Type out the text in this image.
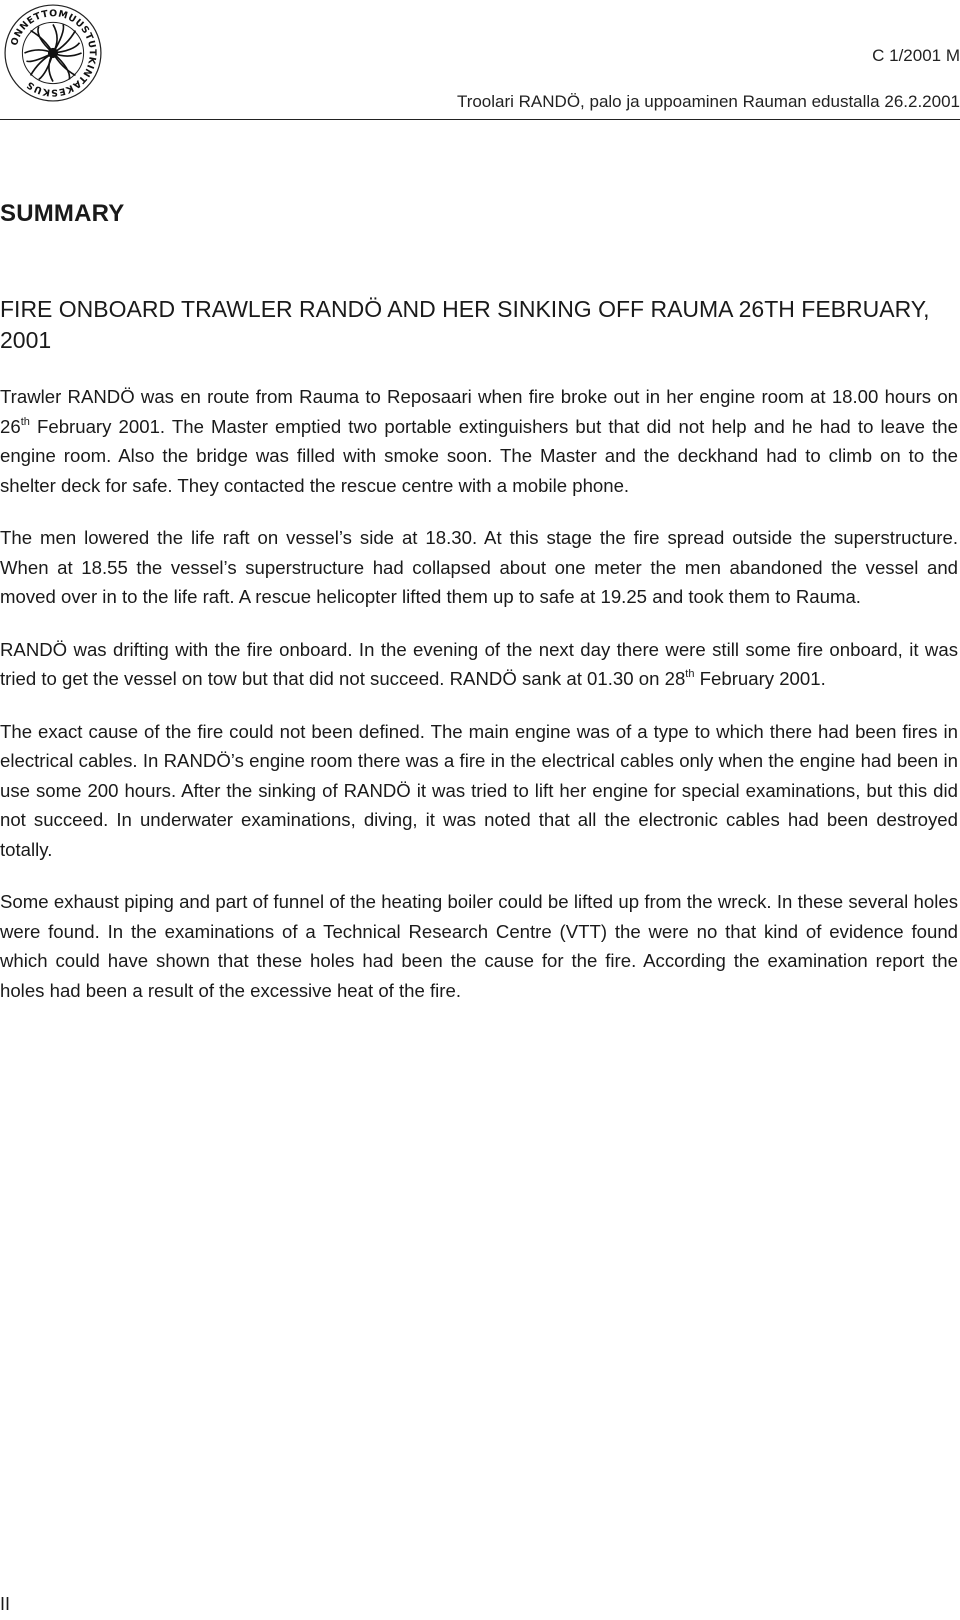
ONNETTOMUUSTUTKINTAKESKUS
C 1/2001 M
Troolari RANDÖ, palo ja uppoaminen Rauman edustalla 26.2.2001
SUMMARY
FIRE ONBOARD TRAWLER RANDÖ AND HER SINKING OFF RAUMA 26TH FEBRUARY, 2001

Trawler RANDÖ was en route from Rauma to Reposaari when fire broke out in her engine room at 18.00 hours on 26th February 2001. The Master emptied two portable extinguishers but that did not help and he had to leave the engine room. Also the bridge was filled with smoke soon. The Master and the deckhand had to climb on to the shelter deck for safe. They contacted the rescue centre with a mobile phone.

The men lowered the life raft on vessel’s side at 18.30. At this stage the fire spread outside the superstructure. When at 18.55 the vessel’s superstructure had collapsed about one meter the men abandoned the vessel and moved over in to the life raft. A rescue helicopter lifted them up to safe at 19.25 and took them to Rauma.

RANDÖ was drifting with the fire onboard. In the evening of the next day there were still some fire onboard, it was tried to get the vessel on tow but that did not succeed. RANDÖ sank at 01.30 on 28th February 2001.

The exact cause of the fire could not been defined. The main engine was of a type to which there had been fires in electrical cables. In RANDÖ’s engine room there was a fire in the electrical cables only when the engine had been in use some 200 hours. After the sinking of RANDÖ it was tried to lift her engine for special examinations, but this did not succeed. In underwater examinations, diving, it was noted that all the electronic cables had been destroyed totally.

Some exhaust piping and part of funnel of the heating boiler could be lifted up from the wreck. In these several holes were found. In the examinations of a Technical Research Centre (VTT) the were no that kind of evidence found which could have shown that these holes had been the cause for the fire. According the examination report the holes had been a result of the excessive heat of the fire.

II
